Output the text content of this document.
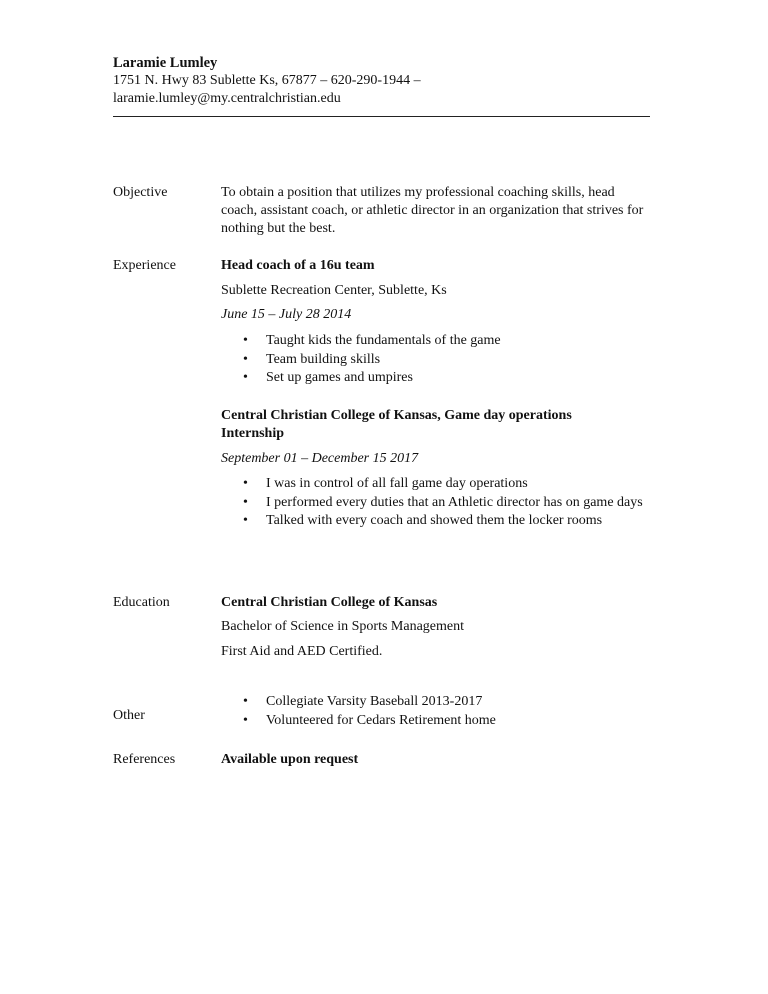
Laramie Lumley
1751 N. Hwy 83 Sublette Ks, 67877 – 620-290-1944 –
laramie.lumley@my.centralchristian.edu
Objective	To obtain a position that utilizes my professional coaching skills, head coach, assistant coach, or athletic director in an organization that strives for nothing but the best.
Experience	Head coach of a 16u team
Sublette Recreation Center, Sublette, Ks
June 15 – July 28 2014
• Taught kids the fundamentals of the game
• Team building skills
• Set up games and umpires
Central Christian College of Kansas, Game day operations Internship
September 01 – December 15 2017
• I was in control of all fall game day operations
• I performed every duties that an Athletic director has on game days
• Talked with every coach and showed them the locker rooms
Education	Central Christian College of Kansas
Bachelor of Science in Sports Management
First Aid and AED Certified.
Other
• Collegiate Varsity Baseball 2013-2017
• Volunteered for Cedars Retirement home
References	Available upon request
